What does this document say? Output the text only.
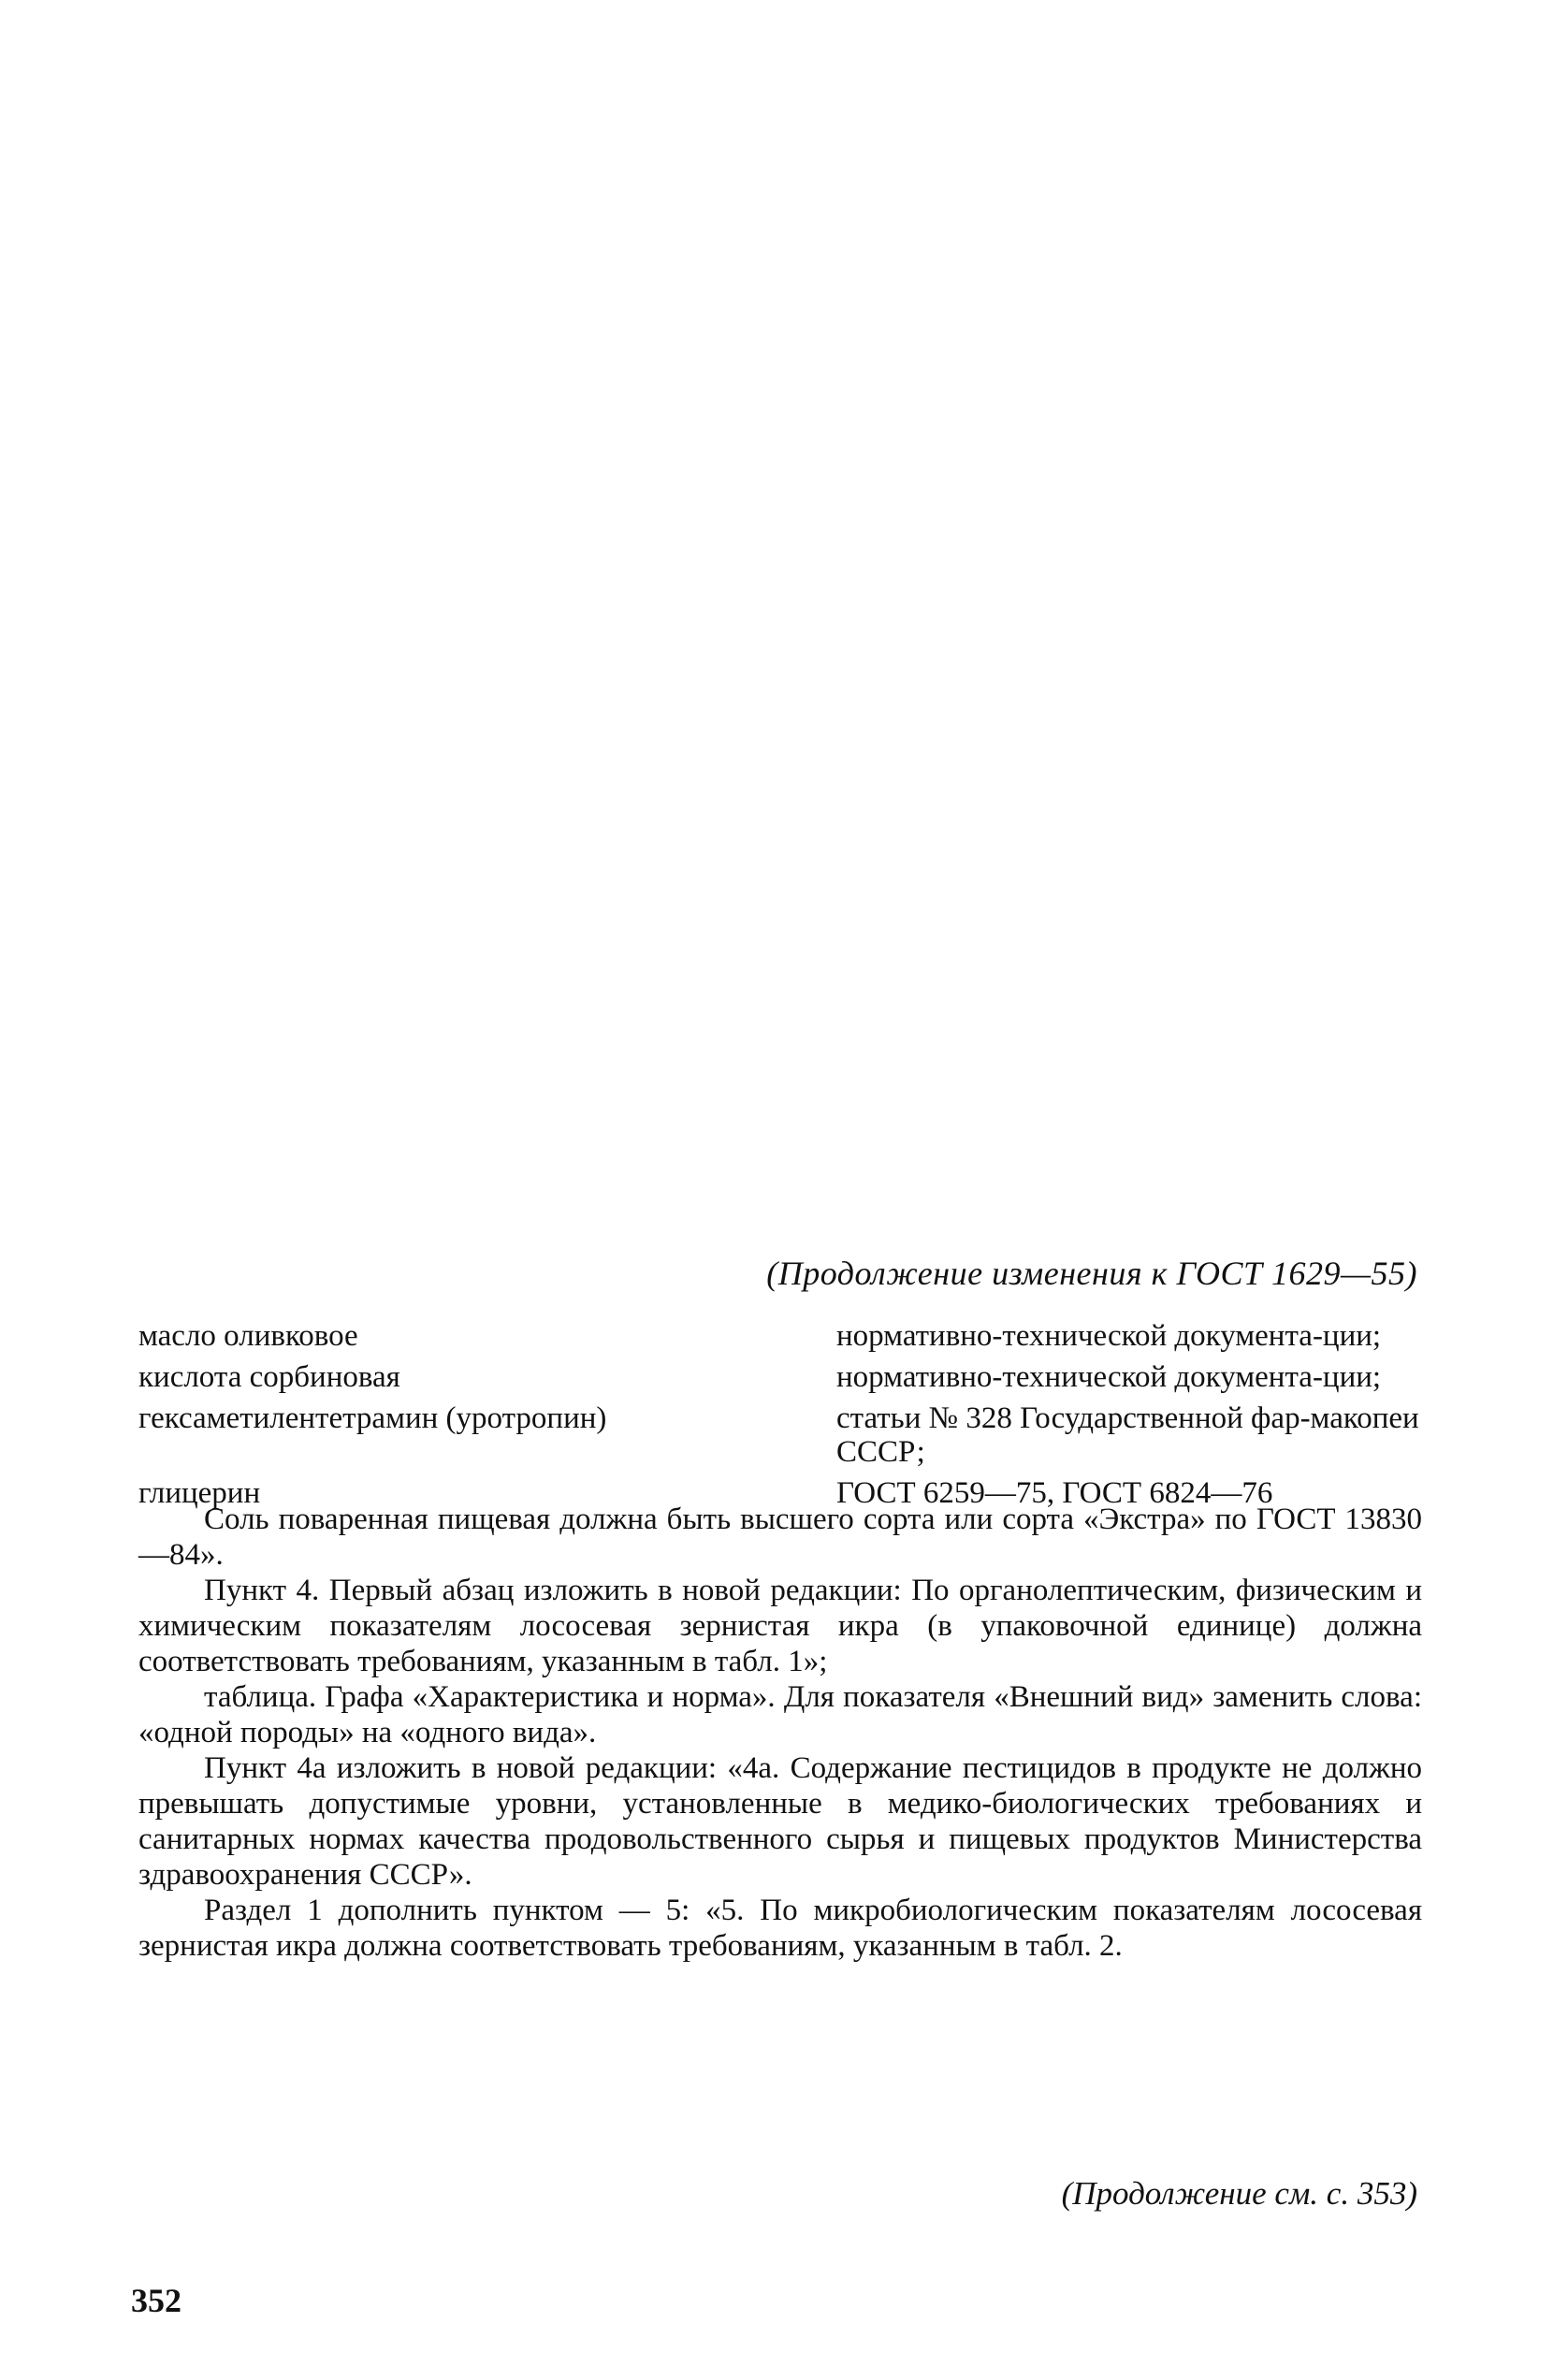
(Продолжение изменения к ГОСТ 1629—55)
масло оливковое	нормативно-технической документа-ции;
кислота сорбиновая	нормативно-технической документа-ции;
гексаметилентетрамин (уротропин)	статьи № 328 Государственной фар-макопеи СССР;
глицерин	ГОСТ 6259—75, ГОСТ 6824—76

Соль поваренная пищевая должна быть высшего сорта или сорта «Экстра» по ГОСТ 13830—84».

Пункт 4. Первый абзац изложить в новой редакции: По органолептическим, физическим и химическим показателям лососевая зернистая икра (в упаковочной единице) должна соответствовать требованиям, указанным в табл. 1»;

таблица. Графа «Характеристика и норма». Для показателя «Внешний вид» заменить слова: «одной породы» на «одного вида».

Пункт 4а изложить в новой редакции: «4а. Содержание пестицидов в продукте не должно превышать допустимые уровни, установленные в медико-биологических требованиях и санитарных нормах качества продовольственного сырья и пищевых продуктов Министерства здравоохранения СССР».

Раздел 1 дополнить пунктом — 5: «5. По микробиологическим показателям лососевая зернистая икра должна соответствовать требованиям, указанным в табл. 2.

(Продолжение см. с. 353)
352
